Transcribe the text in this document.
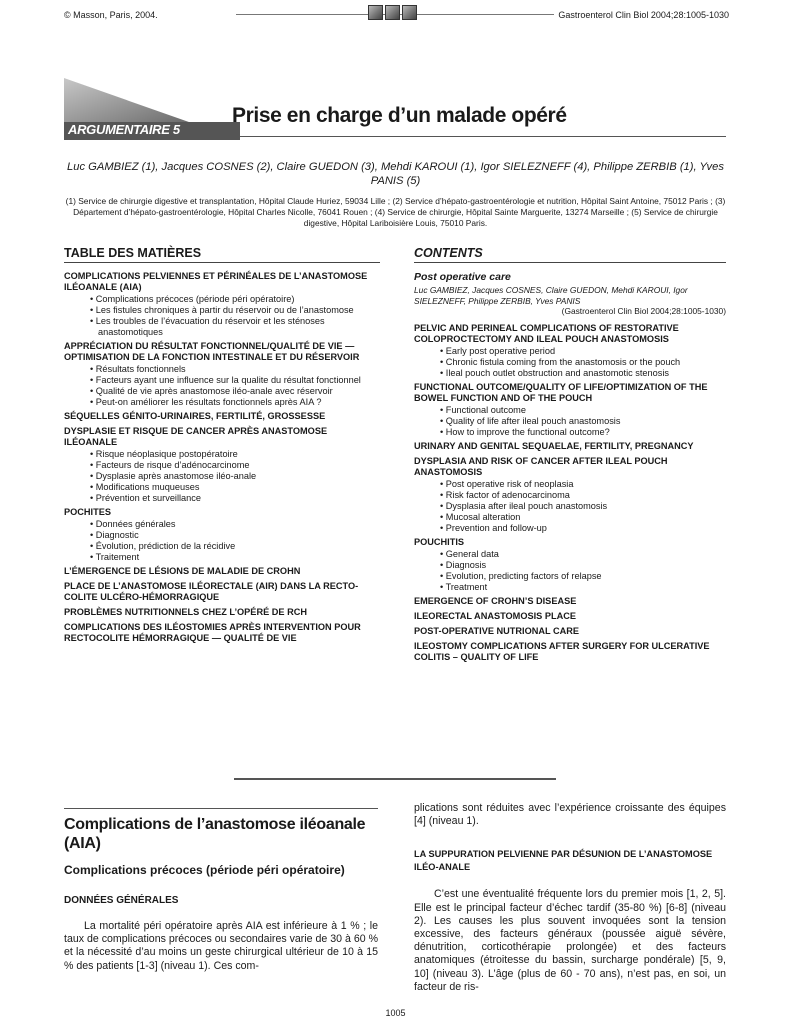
© Masson, Paris, 2004.	Gastroenterol Clin Biol 2004;28:1005-1030
ARGUMENTAIRE 5
Prise en charge d’un malade opéré
Luc GAMBIEZ (1), Jacques COSNES (2), Claire GUEDON (3), Mehdi KAROUI (1), Igor SIELEZNEFF (4), Philippe ZERBIB (1), Yves PANIS (5)
(1) Service de chirurgie digestive et transplantation, Hôpital Claude Huriez, 59034 Lille ; (2) Service d’hépato-gastroentérologie et nutrition, Hôpital Saint Antoine, 75012 Paris ; (3) Département d’hépato-gastroentérologie, Hôpital Charles Nicolle, 76041 Rouen ; (4) Service de chirurgie, Hôpital Sainte Marguerite, 13274 Marseille ; (5) Service de chirurgie digestive, Hôpital Lariboisière Louis, 75010 Paris.
TABLE DES MATIÈRES
COMPLICATIONS PELVIENNES ET PÉRINÉALES DE L’ANASTOMOSE ILÉOANALE (AIA)
• Complications précoces (période péri opératoire)
• Les fistules chroniques à partir du réservoir ou de l’anastomose
• Les troubles de l’évacuation du réservoir et les sténoses anastomotiques
APPRÉCIATION DU RÉSULTAT FONCTIONNEL/QUALITÉ DE VIE — OPTIMISATION DE LA FONCTION INTESTINALE ET DU RÉSERVOIR
• Résultats fonctionnels
• Facteurs ayant une influence sur la qualite du résultat fonctionnel
• Qualité de vie après anastomose iléo-anale avec réservoir
• Peut-on améliorer les résultats fonctionnels après AIA ?
SÉQUELLES GÉNITO-URINAIRES, FERTILITÉ, GROSSESSE
DYSPLASIE ET RISQUE DE CANCER APRÈS ANASTOMOSE ILÉOANALE
• Risque néoplasique postopératoire
• Facteurs de risque d’adénocarcinome
• Dysplasie après anastomose iléo-anale
• Modifications muqueuses
• Prévention et surveillance
POCHITES
• Données générales
• Diagnostic
• Évolution, prédiction de la récidive
• Traitement
L’ÉMERGENCE DE LÉSIONS DE MALADIE DE CROHN
PLACE DE L’ANASTOMOSE ILÉORECTALE (AIR) DANS LA RECTO-COLITE ULCÉRO-HÉMORRAGIQUE
PROBLÈMES NUTRITIONNELS CHEZ L’OPÉRÉ DE RCH
COMPLICATIONS DES ILÉOSTOMIES APRÈS INTERVENTION POUR RECTOCOLITE HÉMORRAGIQUE — QUALITÉ DE VIE
CONTENTS
Post operative care
Luc GAMBIEZ, Jacques COSNES, Claire GUEDON, Mehdi KAROUI, Igor SIELEZNEFF, Philippe ZERBIB, Yves PANIS
(Gastroenterol Clin Biol 2004;28:1005-1030)
PELVIC AND PERINEAL COMPLICATIONS OF RESTORATIVE COLOPROCTECTOMY AND ILEAL POUCH ANASTOMOSIS
• Early post operative period
• Chronic fistula coming from the anastomosis or the pouch
• Ileal pouch outlet obstruction and anastomotic stenosis
FUNCTIONAL OUTCOME/QUALITY OF LIFE/OPTIMIZATION OF THE BOWEL FUNCTION AND OF THE POUCH
• Functional outcome
• Quality of life after ileal pouch anastomosis
• How to improve the functional outcome?
URINARY AND GENITAL SEQUAELAE, FERTILITY, PREGNANCY
DYSPLASIA AND RISK OF CANCER AFTER ILEAL POUCH ANASTOMOSIS
• Post operative risk of neoplasia
• Risk factor of adenocarcinoma
• Dysplasia after ileal pouch anastomosis
• Mucosal alteration
• Prevention and follow-up
POUCHITIS
• General data
• Diagnosis
• Evolution, predicting factors of relapse
• Treatment
EMERGENCE OF CROHN’S DISEASE
ILEORECTAL ANASTOMOSIS PLACE
POST-OPERATIVE NUTRIONAL CARE
ILEOSTOMY COMPLICATIONS AFTER SURGERY FOR ULCERATIVE COLITIS – QUALITY OF LIFE
Complications de l’anastomose iléoanale (AIA)
Complications précoces (période péri opératoire)
DONNÉES GÉNÉRALES

La mortalité péri opératoire après AIA est inférieure à 1 % ; le taux de complications précoces ou secondaires varie de 30 à 60 % et la nécessité d’au moins un geste chirurgical ultérieur de 10 à 15 % des patients [1-3] (niveau 1). Ces com-

plications sont réduites avec l’expérience croissante des équipes [4] (niveau 1).

LA SUPPURATION PELVIENNE PAR DÉSUNION DE L’ANASTOMOSE ILÉO-ANALE

C’est une éventualité fréquente lors du premier mois [1, 2, 5]. Elle est le principal facteur d’échec tardif (35-80 %) [6-8] (niveau 2). Les causes les plus souvent invoquées sont la tension excessive, des facteurs généraux (poussée aiguë sévère, dénutrition, corticothérapie prolongée) et des facteurs anatomiques (étroitesse du bassin, surcharge pondérale) [5, 9, 10] (niveau 3). L’âge (plus de 60 - 70 ans), n’est pas, en soi, un facteur de ris-

1005
